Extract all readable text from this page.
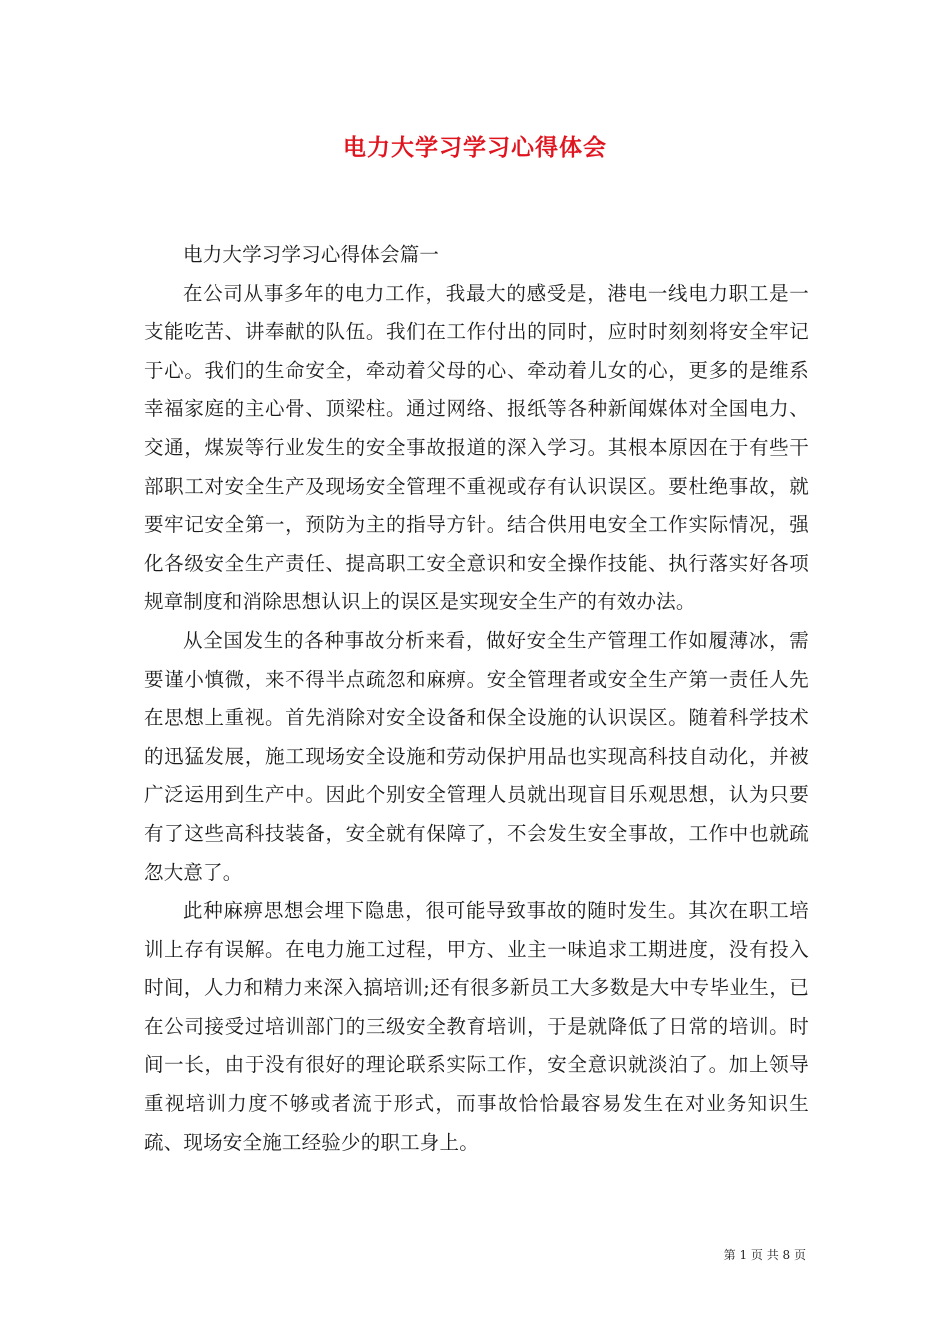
电力大学习学习心得体会

电力大学习学习心得体会篇一

在公司从事多年的电力工作，我最大的感受是，港电一线电力职工是一支能吃苦、讲奉献的队伍。我们在工作付出的同时，应时时刻刻将安全牢记于心。我们的生命安全，牵动着父母的心、牵动着儿女的心，更多的是维系幸福家庭的主心骨、顶梁柱。通过网络、报纸等各种新闻媒体对全国电力、交通，煤炭等行业发生的安全事故报道的深入学习。其根本原因在于有些干部职工对安全生产及现场安全管理不重视或存有认识误区。要杜绝事故，就要牢记安全第一，预防为主的指导方针。结合供用电安全工作实际情况，强化各级安全生产责任、提高职工安全意识和安全操作技能、执行落实好各项规章制度和消除思想认识上的误区是实现安全生产的有效办法。

从全国发生的各种事故分析来看，做好安全生产管理工作如履薄冰，需要谨小慎微，来不得半点疏忽和麻痹。安全管理者或安全生产第一责任人先在思想上重视。首先消除对安全设备和保全设施的认识误区。随着科学技术的迅猛发展，施工现场安全设施和劳动保护用品也实现高科技自动化，并被广泛运用到生产中。因此个别安全管理人员就出现盲目乐观思想，认为只要有了这些高科技装备，安全就有保障了，不会发生安全事故，工作中也就疏忽大意了。

此种麻痹思想会埋下隐患，很可能导致事故的随时发生。其次在职工培训上存有误解。在电力施工过程，甲方、业主一味追求工期进度，没有投入时间，人力和精力来深入搞培训;还有很多新员工大多数是大中专毕业生，已在公司接受过培训部门的三级安全教育培训，于是就降低了日常的培训。时间一长，由于没有很好的理论联系实际工作，安全意识就淡泊了。加上领导重视培训力度不够或者流于形式，而事故恰恰最容易发生在对业务知识生疏、现场安全施工经验少的职工身上。

第 1 页 共 8 页
